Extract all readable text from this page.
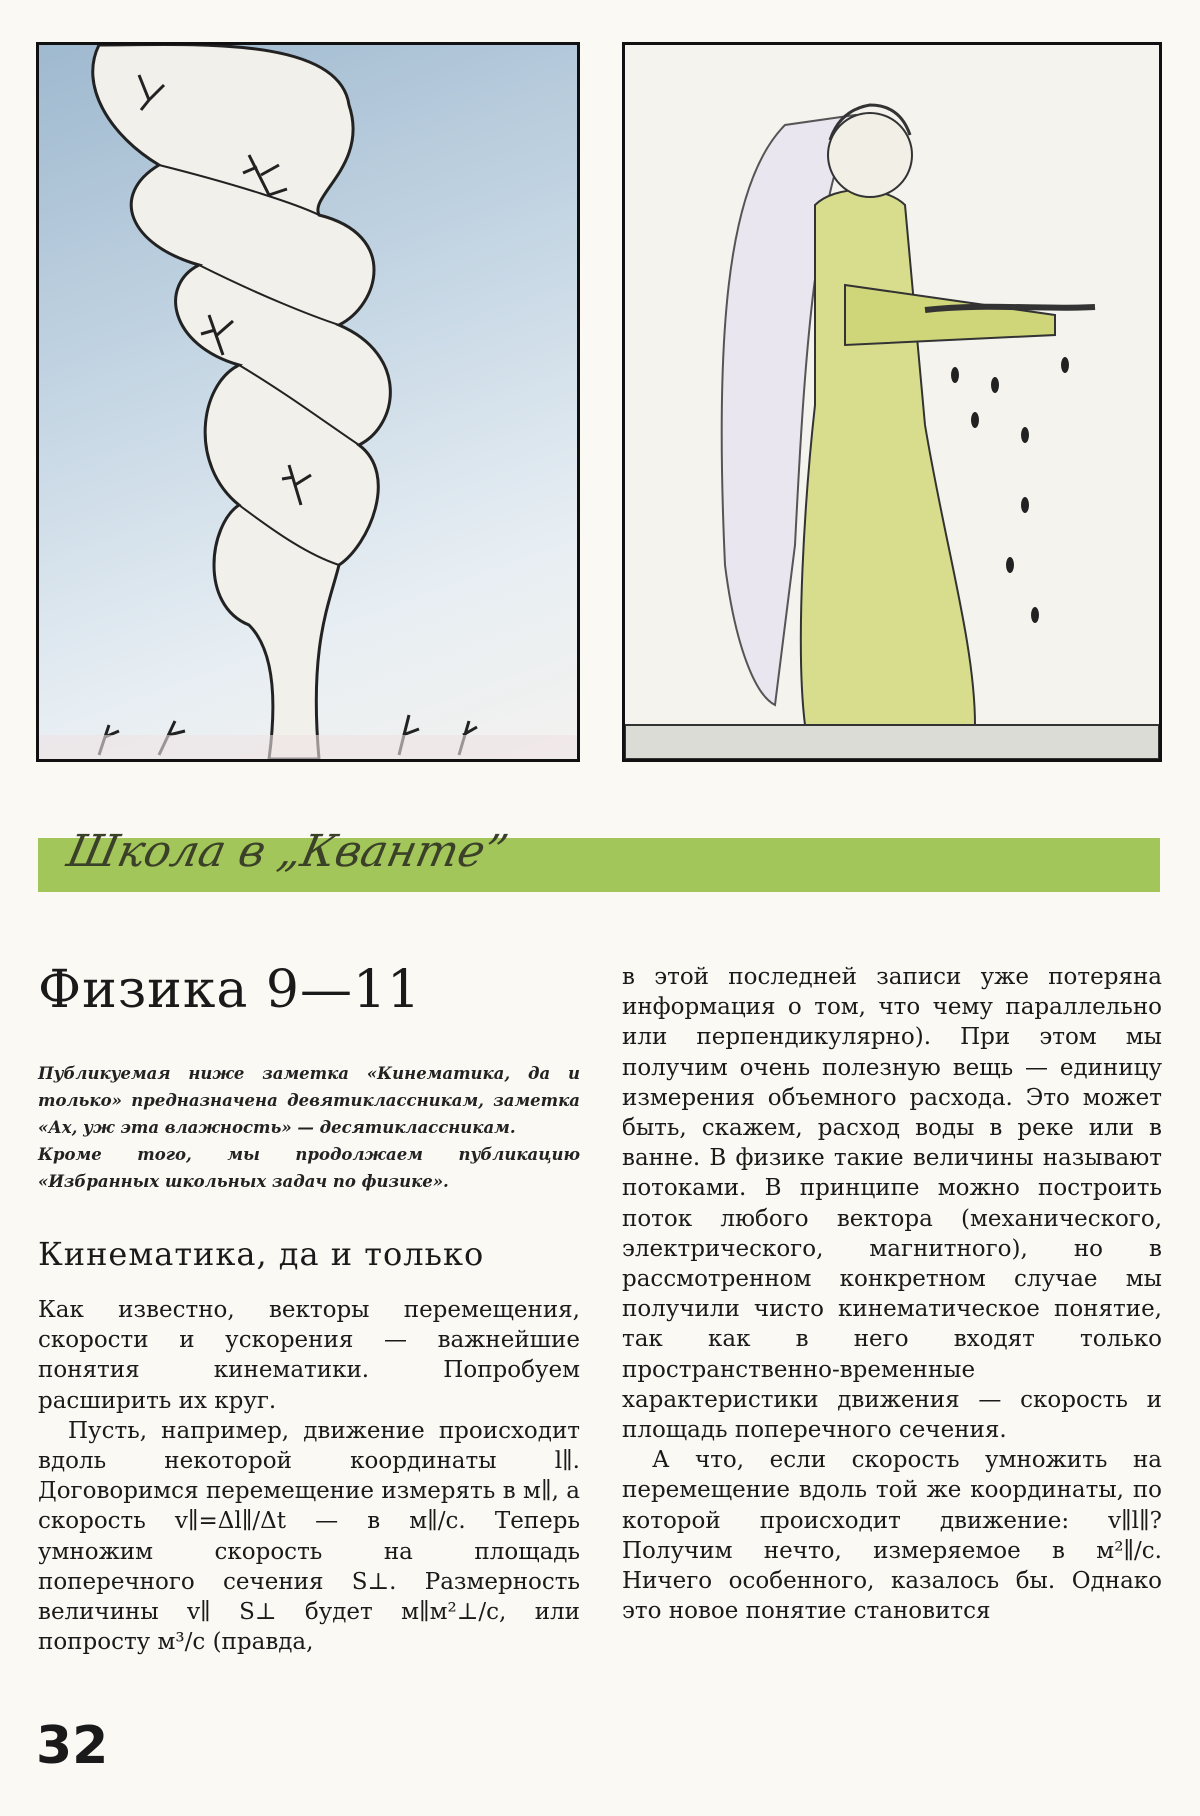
Школа в „Кванте”
Физика 9—11
Публикуемая ниже заметка «Кинематика, да и только» предназначена девятиклассникам, заметка «Ах, уж эта влажность» — десятиклассникам.
Кроме того, мы продолжаем публикацию «Избранных школьных задач по физике».
Кинематика, да и только

Как известно, векторы перемещения, скорости и ускорения — важнейшие понятия кинематики. Попробуем расширить их круг.

Пусть, например, движение происходит вдоль некоторой координаты l∥. Договоримся перемещение измерять в м∥, а скорость v∥=Δl∥/Δt — в м∥/с. Теперь умножим скорость на площадь поперечного сечения S⊥. Размерность величины v∥ S⊥ будет м∥м²⊥/с, или попросту м³/с (правда,

в этой последней записи уже потеряна информация о том, что чему параллельно или перпендикулярно). При этом мы получим очень полезную вещь — единицу измерения объемного расхода. Это может быть, скажем, расход воды в реке или в ванне. В физике такие величины называют потоками. В принципе можно построить поток любого вектора (механического, электрического, магнитного), но в рассмотренном конкретном случае мы получили чисто кинематическое понятие, так как в него входят только пространственно-временные характеристики движения — скорость и площадь поперечного сечения.

А что, если скорость умножить на перемещение вдоль той же координаты, по которой происходит движение: v∥l∥? Получим нечто, измеряемое в м²∥/с. Ничего особенного, казалось бы. Однако это новое понятие становится

32
